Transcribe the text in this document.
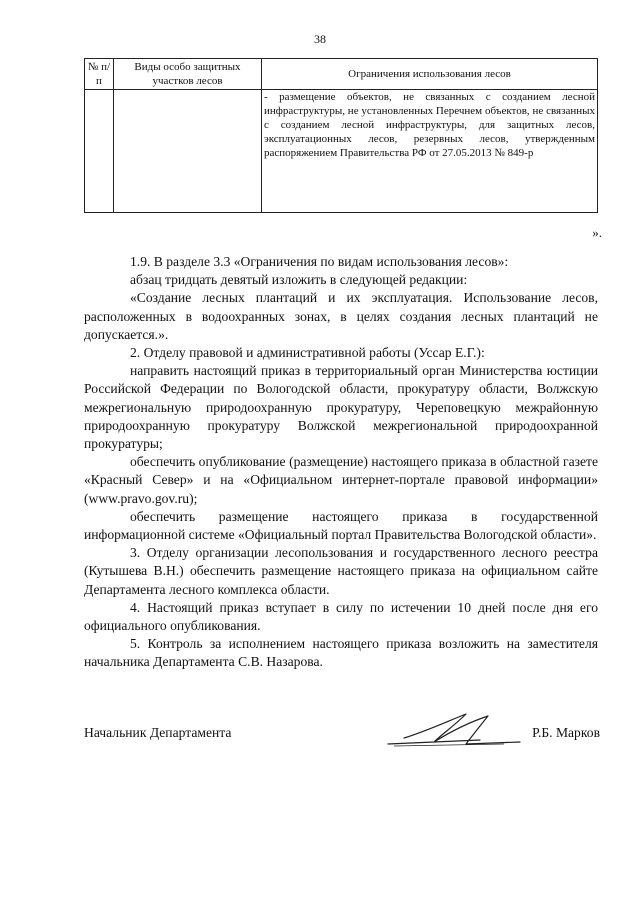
38
№ п/п	Виды особо защитных участков лесов	Ограничения использования лесов
		- размещение объектов, не связанных с созданием лесной инфраструктуры, не установленных Перечнем объектов, не связанных с созданием лесной инфраструктуры, для защитных лесов, эксплуатационных лесов, резервных лесов, утвержденным распоряжением Правительства РФ от 27.05.2013 № 849-р
».

1.9. В разделе 3.3 «Ограничения по видам использования лесов»:

абзац тридцать девятый изложить в следующей редакции:

«Создание лесных плантаций и их эксплуатация. Использование лесов, расположенных в водоохранных зонах, в целях создания лесных плантаций не допускается.».

2. Отделу правовой и административной работы (Уссар Е.Г.):

направить настоящий приказ в территориальный орган Министерства юстиции Российской Федерации по Вологодской области, прокуратуру области, Волжскую межрегиональную природоохранную прокуратуру, Череповецкую межрайонную природоохранную прокуратуру Волжской межрегиональной природоохранной прокуратуры;

обеспечить опубликование (размещение) настоящего приказа в областной газете «Красный Север» и на «Официальном интернет-портале правовой информации» (www.pravo.gov.ru);

обеспечить размещение настоящего приказа в государственной информационной системе «Официальный портал Правительства Вологодской области».

3. Отделу организации лесопользования и государственного лесного реестра (Кутышева В.Н.) обеспечить размещение настоящего приказа на официальном сайте Департамента лесного комплекса области.

4. Настоящий приказ вступает в силу по истечении 10 дней после дня его официального опубликования.

5. Контроль за исполнением настоящего приказа возложить на заместителя начальника Департамента С.В. Назарова.

Начальник Департамента	Р.Б. Марков
